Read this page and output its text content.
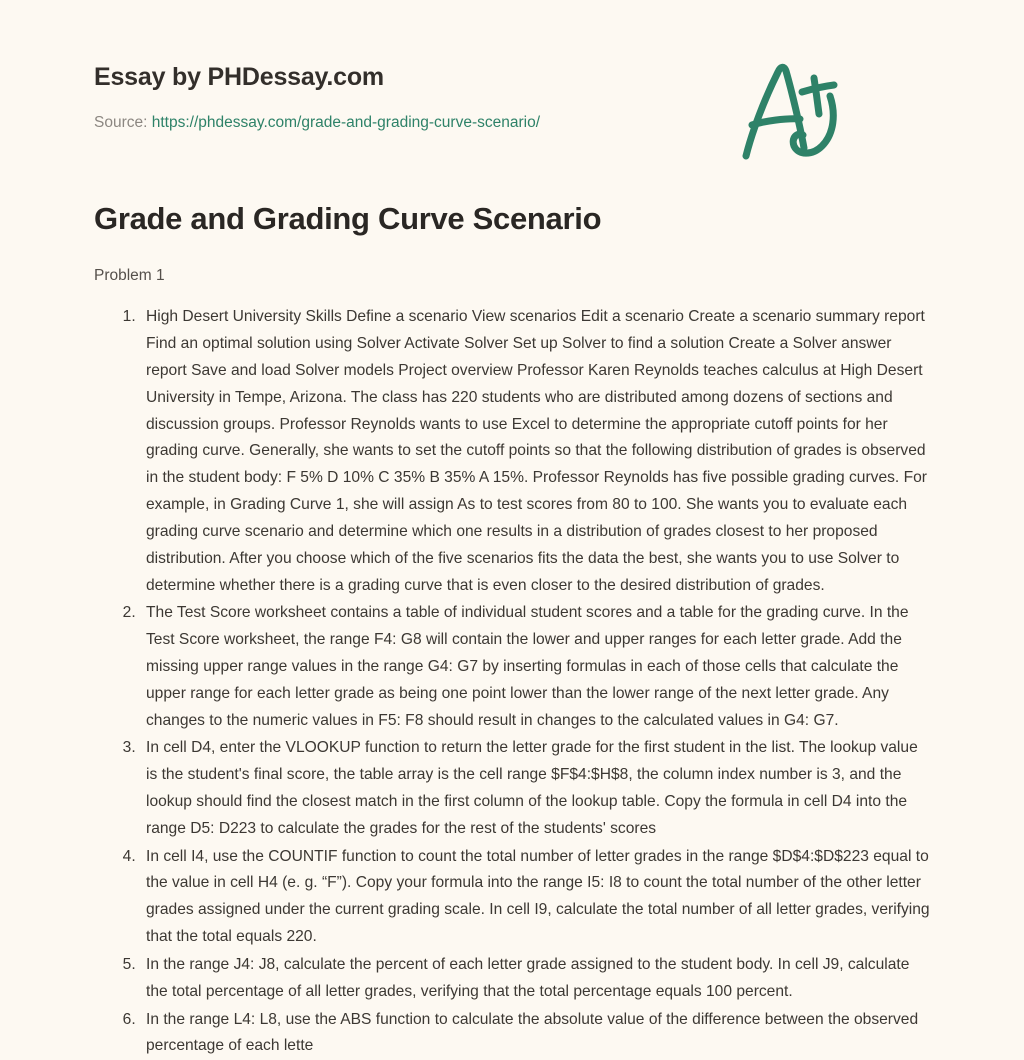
Essay by PHDessay.com
Source: https://phdessay.com/grade-and-grading-curve-scenario/
Grade and Grading Curve Scenario
Problem 1
1. High Desert University Skills Define a scenario View scenarios Edit a scenario Create a scenario summary report Find an optimal solution using Solver Activate Solver Set up Solver to find a solution Create a Solver answer report Save and load Solver models Project overview Professor Karen Reynolds teaches calculus at High Desert University in Tempe, Arizona. The class has 220 students who are distributed among dozens of sections and discussion groups. Professor Reynolds wants to use Excel to determine the appropriate cutoff points for her grading curve. Generally, she wants to set the cutoff points so that the following distribution of grades is observed in the student body: F 5% D 10% C 35% B 35% A 15%. Professor Reynolds has five possible grading curves. For example, in Grading Curve 1, she will assign As to test scores from 80 to 100. She wants you to evaluate each grading curve scenario and determine which one results in a distribution of grades closest to her proposed distribution. After you choose which of the five scenarios fits the data the best, she wants you to use Solver to determine whether there is a grading curve that is even closer to the desired distribution of grades.
2. The Test Score worksheet contains a table of individual student scores and a table for the grading curve. In the Test Score worksheet, the range F4: G8 will contain the lower and upper ranges for each letter grade. Add the missing upper range values in the range G4: G7 by inserting formulas in each of those cells that calculate the upper range for each letter grade as being one point lower than the lower range of the next letter grade. Any changes to the numeric values in F5: F8 should result in changes to the calculated values in G4: G7.
3. In cell D4, enter the VLOOKUP function to return the letter grade for the first student in the list. The lookup value is the student's final score, the table array is the cell range $F$4:$H$8, the column index number is 3, and the lookup should find the closest match in the first column of the lookup table. Copy the formula in cell D4 into the range D5: D223 to calculate the grades for the rest of the students' scores
4. In cell I4, use the COUNTIF function to count the total number of letter grades in the range $D$4:$D$223 equal to the value in cell H4 (e. g. “F”). Copy your formula into the range I5: I8 to count the total number of the other letter grades assigned under the current grading scale. In cell I9, calculate the total number of all letter grades, verifying that the total equals 220.
5. In the range J4: J8, calculate the percent of each letter grade assigned to the student body. In cell J9, calculate the total percentage of all letter grades, verifying that the total percentage equals 100 percent.
6. In the range L4: L8, use the ABS function to calculate the absolute value of the difference between the observed percentage of each lette
